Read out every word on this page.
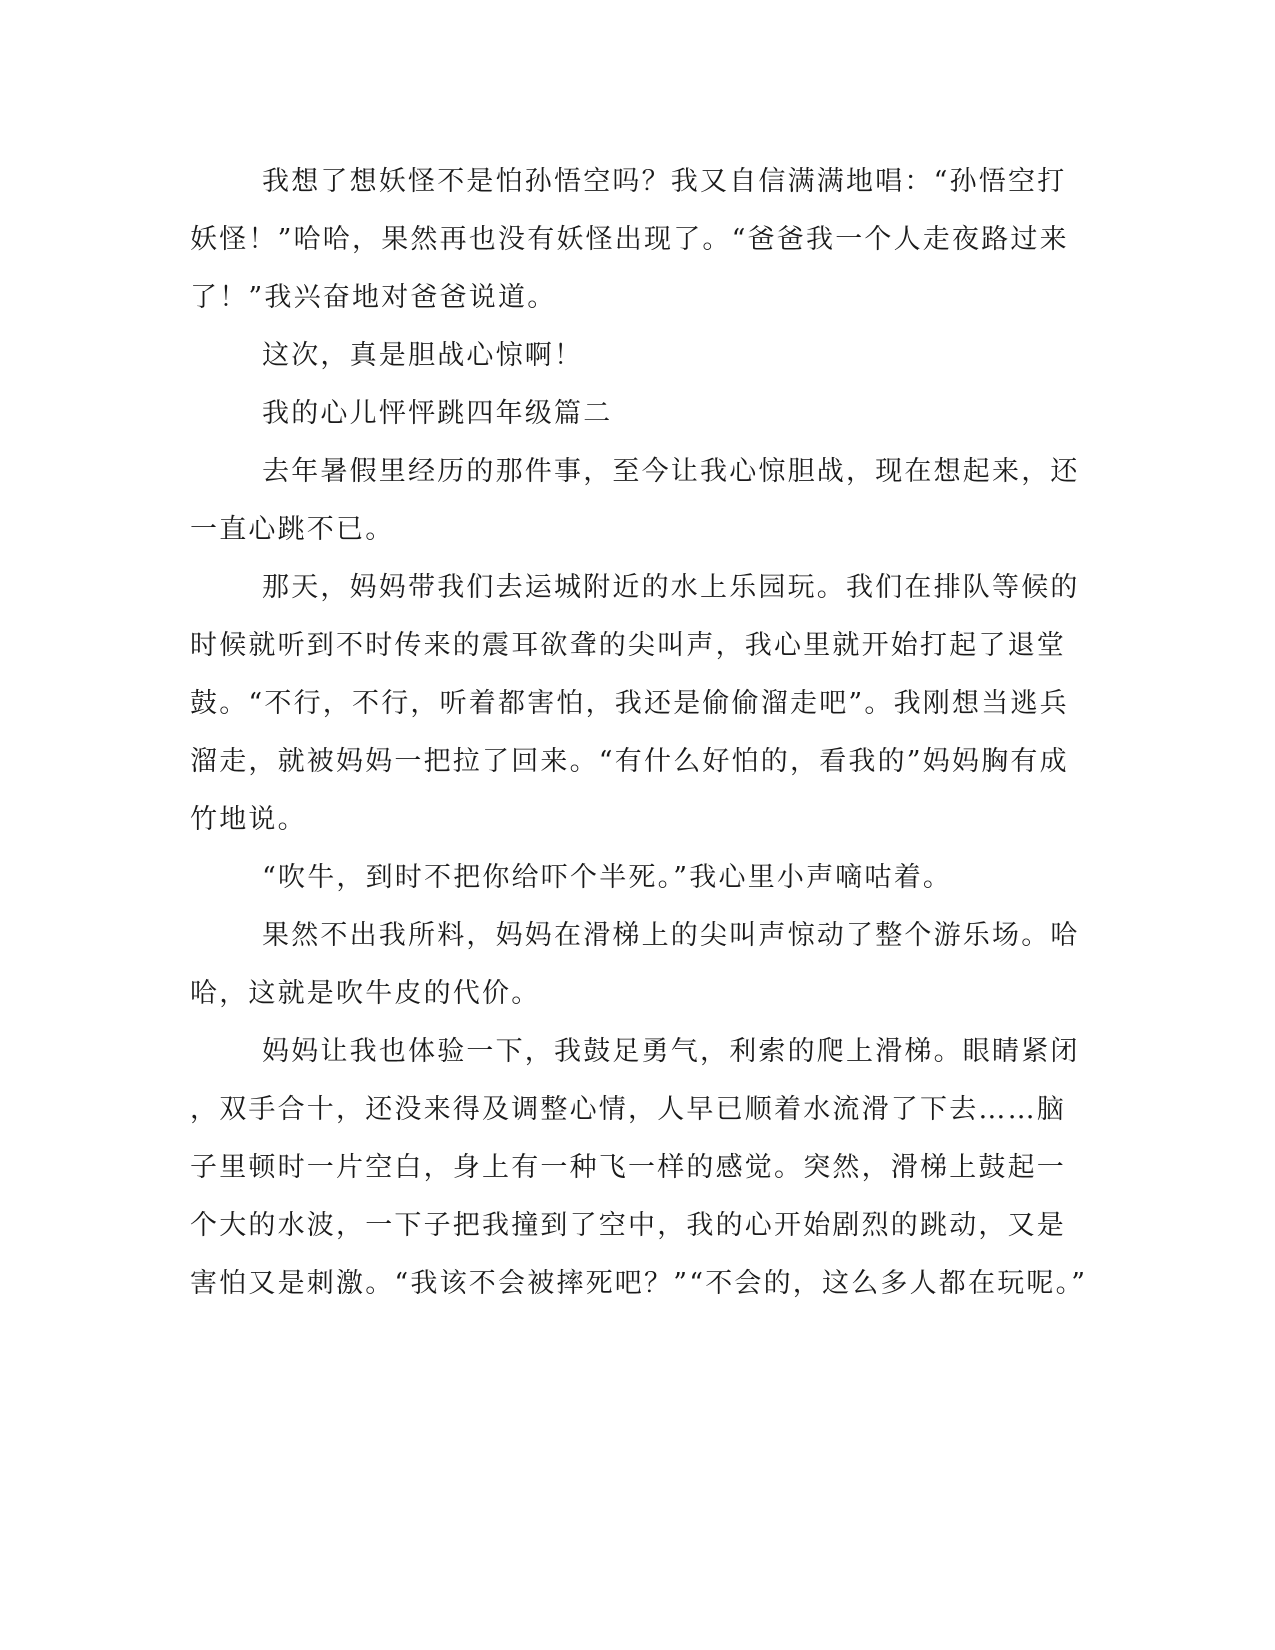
我想了想妖怪不是怕孙悟空吗？我又自信满满地唱：“孙悟空打
妖怪！”哈哈，果然再也没有妖怪出现了。“爸爸我一个人走夜路过来
了！”我兴奋地对爸爸说道。
这次，真是胆战心惊啊！
我的心儿怦怦跳四年级篇二
去年暑假里经历的那件事，至今让我心惊胆战，现在想起来，还
一直心跳不已。
那天，妈妈带我们去运城附近的水上乐园玩。我们在排队等候的
时候就听到不时传来的震耳欲聋的尖叫声，我心里就开始打起了退堂
鼓。“不行，不行，听着都害怕，我还是偷偷溜走吧”。我刚想当逃兵
溜走，就被妈妈一把拉了回来。“有什么好怕的，看我的”妈妈胸有成
竹地说。
“吹牛，到时不把你给吓个半死。”我心里小声嘀咕着。
果然不出我所料，妈妈在滑梯上的尖叫声惊动了整个游乐场。哈
哈，这就是吹牛皮的代价。
妈妈让我也体验一下，我鼓足勇气，利索的爬上滑梯。眼睛紧闭
，双手合十，还没来得及调整心情，人早已顺着水流滑了下去……脑
子里顿时一片空白，身上有一种飞一样的感觉。突然，滑梯上鼓起一
个大的水波，一下子把我撞到了空中，我的心开始剧烈的跳动，又是
害怕又是刺激。“我该不会被摔死吧？”“不会的，这么多人都在玩呢。”
